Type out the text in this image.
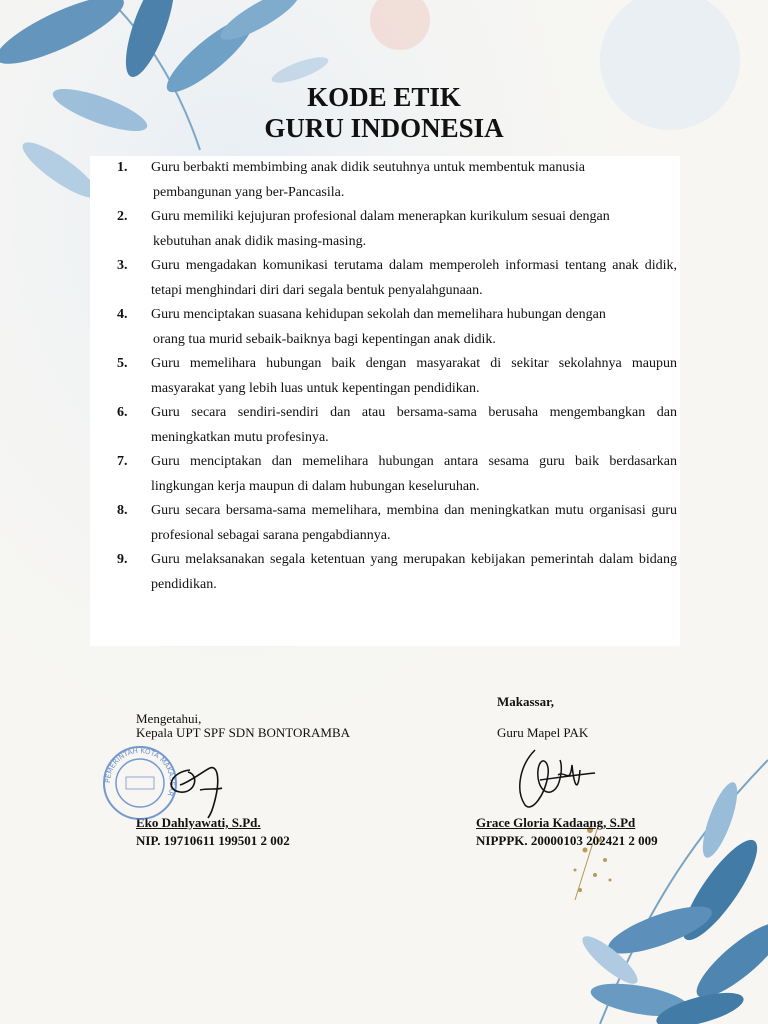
KODE ETIK
GURU INDONESIA
1.	Guru berbakti membimbing anak didik seutuhnya untuk membentuk manusia
pembangunan yang ber-Pancasila.
2.	Guru memiliki kejujuran profesional dalam menerapkan kurikulum sesuai dengan
kebutuhan anak didik masing-masing.
3.	Guru mengadakan komunikasi terutama dalam memperoleh informasi tentang anak didik, tetapi menghindari diri dari segala bentuk penyalahgunaan.
4.	Guru menciptakan suasana kehidupan sekolah dan memelihara hubungan dengan
orang tua murid sebaik-baiknya bagi kepentingan anak didik.
5.	Guru memelihara hubungan baik dengan masyarakat di sekitar sekolahnya maupun masyarakat yang lebih luas untuk kepentingan pendidikan.
6.	Guru secara sendiri-sendiri dan atau bersama-sama berusaha mengembangkan dan meningkatkan mutu profesinya.
7.	Guru menciptakan dan memelihara hubungan antara sesama guru baik berdasarkan lingkungan kerja maupun di dalam hubungan keseluruhan.
8.	Guru secara bersama-sama memelihara, membina dan meningkatkan mutu organisasi guru profesional sebagai sarana pengabdiannya.
9.	Guru melaksanakan segala ketentuan yang merupakan kebijakan pemerintah dalam bidang pendidikan.
Mengetahui,
Kepala UPT SPF SDN BONTORAMBA
Eko Dahlyawati, S.Pd.
NIP. 19710611 199501 2 002
Makassar,
Guru Mapel PAK
Grace Gloria Kadaang, S.Pd
NIPPPK. 20000103 202421 2 009
PEMERINTAH KOTA MAKASSAR
